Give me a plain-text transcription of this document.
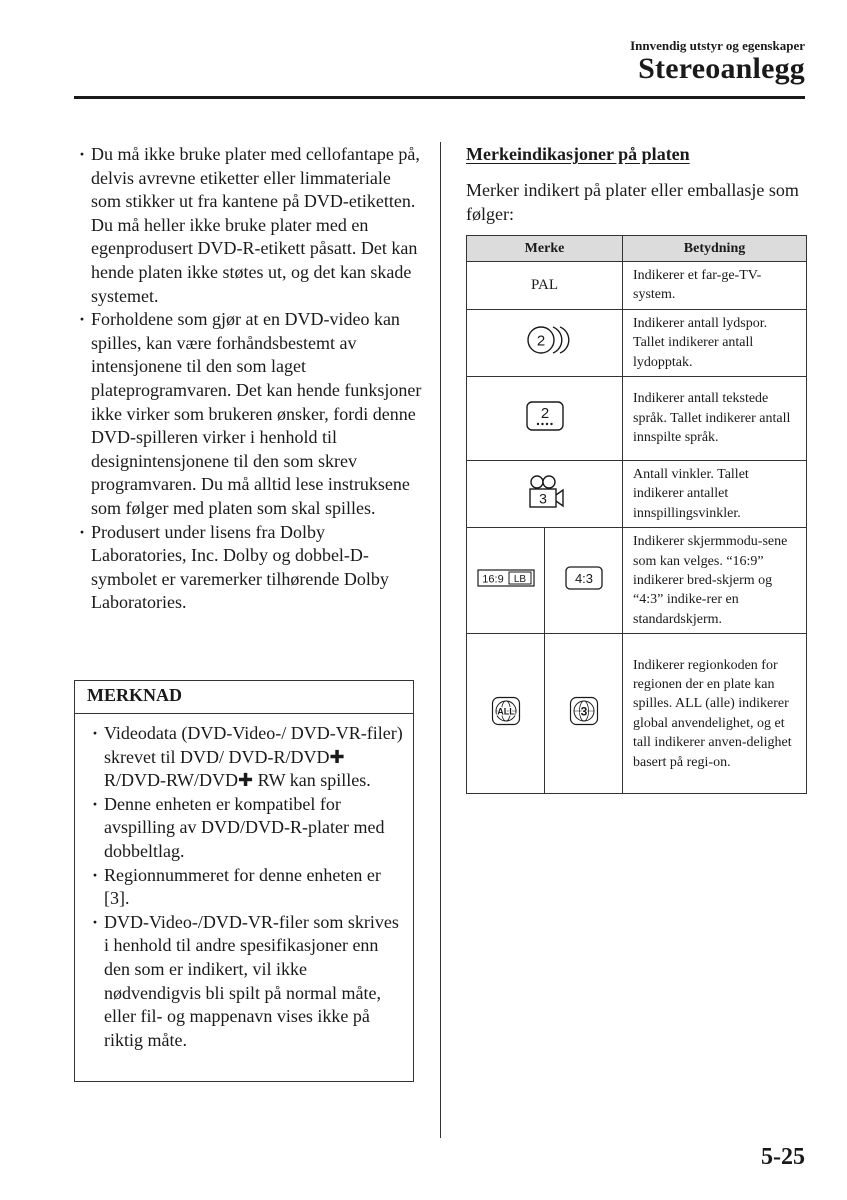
Innvendig utstyr og egenskaper
Stereoanlegg
· Du må ikke bruke plater med cellofantape på, delvis avrevne etiketter eller limmateriale som stikker ut fra kantene på DVD-etiketten. Du må heller ikke bruke plater med en egenprodusert DVD-R-etikett påsatt. Det kan hende platen ikke støtes ut, og det kan skade systemet.
· Forholdene som gjør at en DVD-video kan spilles, kan være forhåndsbestemt av intensjonene til den som laget plateprogramvaren. Det kan hende funksjoner ikke virker som brukeren ønsker, fordi denne DVD-spilleren virker i henhold til designintensjonene til den som skrev programvaren. Du må alltid lese instruksene som følger med platen som skal spilles.
· Produsert under lisens fra Dolby Laboratories, Inc. Dolby og dobbel-D-symbolet er varemerker tilhørende Dolby Laboratories.
MERKNAD
· Videodata (DVD-Video-/ DVD-VR-filer) skrevet til DVD/ DVD-R/DVD✚ R/DVD-RW/DVD✚ RW kan spilles.
· Denne enheten er kompatibel for avspilling av DVD/DVD-R-plater med dobbeltlag.
· Regionnummeret for denne enheten er [3].
· DVD-Video-/DVD-VR-filer som skrives i henhold til andre spesifikasjoner enn den som er indikert, vil ikke nødvendigvis bli spilt på normal måte, eller fil- og mappenavn vises ikke på riktig måte.
Merkeindikasjoner på platen

Merker indikert på plater eller emballasje som følger:

Merke		Betydning
PAL		Indikerer et far-ge-TV-system.

2		Indikerer antall lydspor. Tallet indikerer antall lydopptak.

2		Indikerer antall tekstede språk. Tallet indikerer antall innspilte språk.

3		Antall vinkler. Tallet indikerer antallet innspillingsvinkler.

16:9 LB	4:3	Indikerer skjermmodu-sene som kan velges. “16:9” indikerer bred-skjerm og “4:3” indike-rer en standardskjerm.

ALL	3	Indikerer regionkoden for regionen der en plate kan spilles. ALL (alle) indikerer global anvendelighet, og et tall indikerer anven-delighet basert på regi-on.
5-25
